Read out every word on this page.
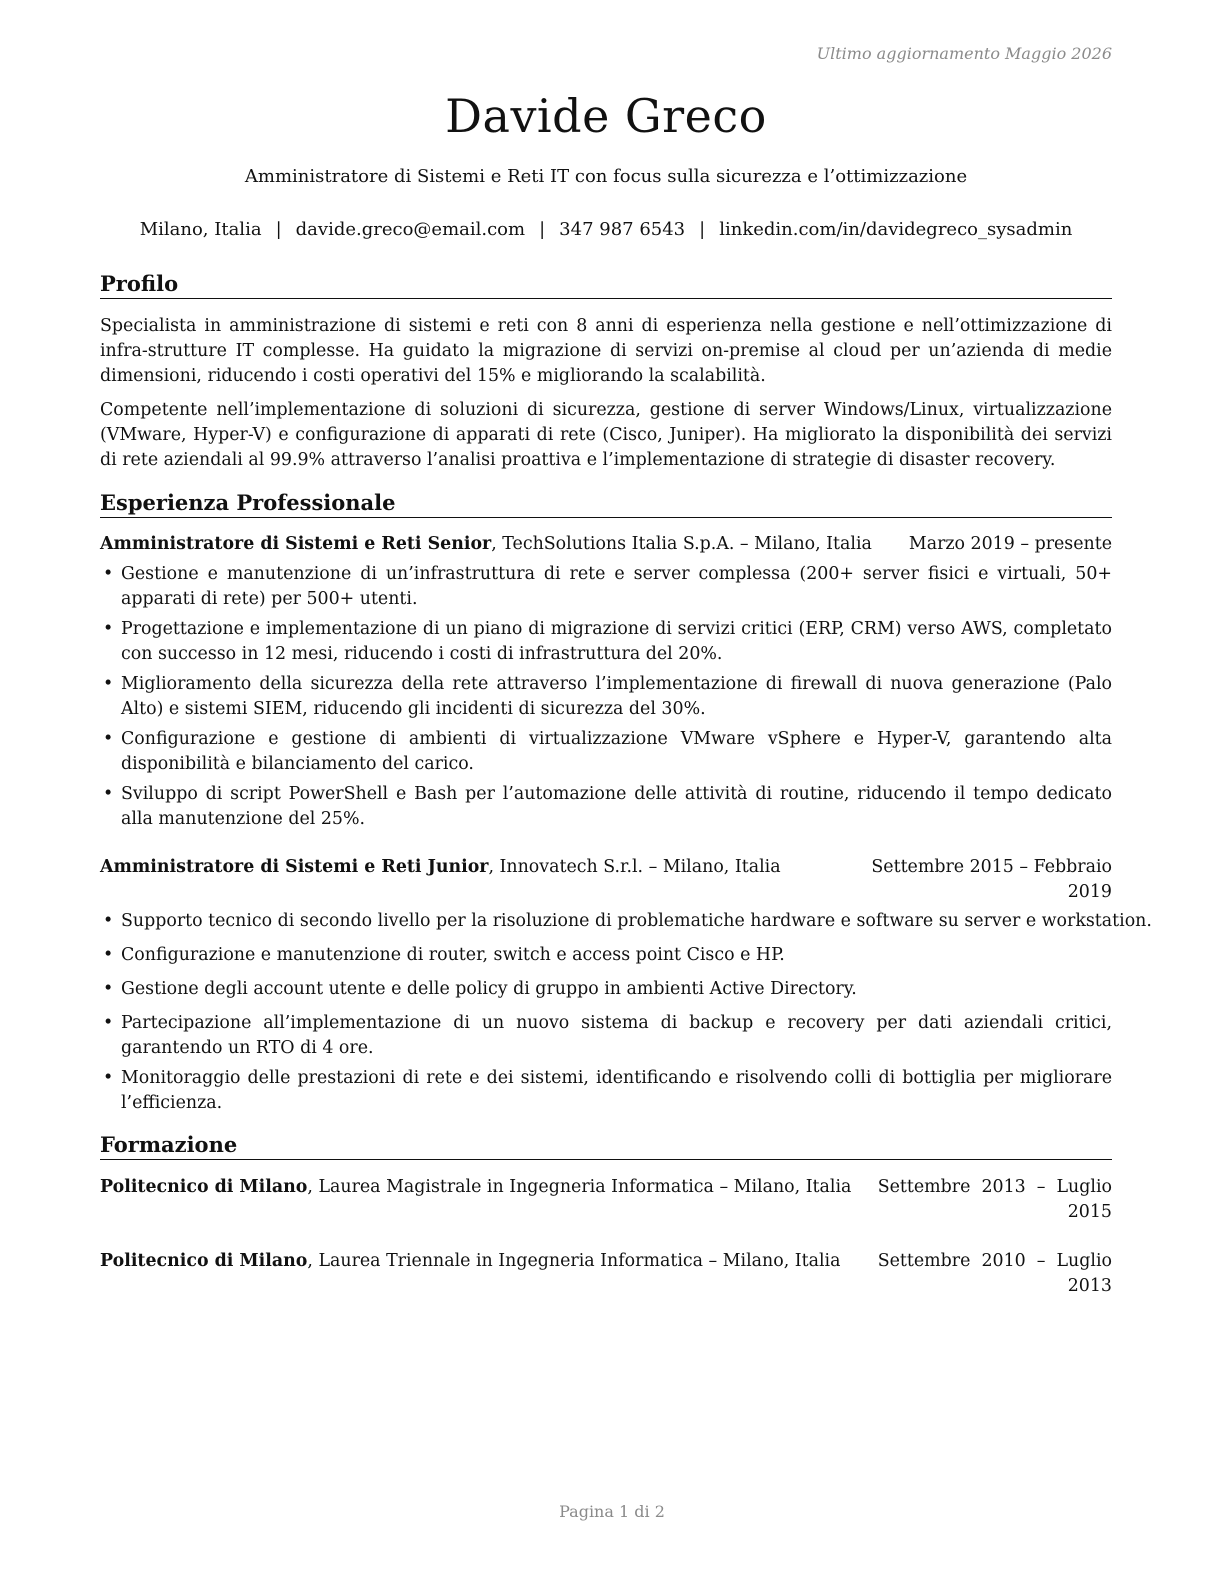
Ultimo aggiornamento Maggio 2026
Davide Greco
Amministratore di Sistemi e Reti IT con focus sulla sicurezza e l’ottimizzazione
Milano, Italia | davide.greco@email.com | 347 987 6543 | linkedin.com/in/davidegreco_sysadmin
Profilo

Specialista in amministrazione di sistemi e reti con 8 anni di esperienza nella gestione e nell’ottimizzazione di infra-strutture IT complesse. Ha guidato la migrazione di servizi on-premise al cloud per un’azienda di medie dimensioni, riducendo i costi operativi del 15% e migliorando la scalabilità.

Competente nell’implementazione di soluzioni di sicurezza, gestione di server Windows/Linux, virtualizzazione (VMware, Hyper-V) e configurazione di apparati di rete (Cisco, Juniper). Ha migliorato la disponibilità dei servizi di rete aziendali al 99.9% attraverso l’analisi proattiva e l’implementazione di strategie di disaster recovery.

Esperienza Professionale
Amministratore di Sistemi e Reti Senior, TechSolutions Italia S.p.A. – Milano, Italia Marzo 2019 – presente
• Gestione e manutenzione di un’infrastruttura di rete e server complessa (200+ server fisici e virtuali, 50+ apparati di rete) per 500+ utenti.
• Progettazione e implementazione di un piano di migrazione di servizi critici (ERP, CRM) verso AWS, completato con successo in 12 mesi, riducendo i costi di infrastruttura del 20%.
• Miglioramento della sicurezza della rete attraverso l’implementazione di firewall di nuova generazione (Palo Alto) e sistemi SIEM, riducendo gli incidenti di sicurezza del 30%.
• Configurazione e gestione di ambienti di virtualizzazione VMware vSphere e Hyper-V, garantendo alta disponibilità e bilanciamento del carico.
• Sviluppo di script PowerShell e Bash per l’automazione delle attività di routine, riducendo il tempo dedicato alla manutenzione del 25%.
Amministratore di Sistemi e Reti Junior, Innovatech S.r.l. – Milano, Italia	Settembre 2015 – Febbraio
2019
• Supporto tecnico di secondo livello per la risoluzione di problematiche hardware e software su server e workstation.
• Configurazione e manutenzione di router, switch e access point Cisco e HP.
• Gestione degli account utente e delle policy di gruppo in ambienti Active Directory.
• Partecipazione all’implementazione di un nuovo sistema di backup e recovery per dati aziendali critici, garantendo un RTO di 4 ore.
• Monitoraggio delle prestazioni di rete e dei sistemi, identificando e risolvendo colli di bottiglia per migliorare l’efficienza.
Formazione
Politecnico di Milano, Laurea Magistrale in Ingegneria Informatica – Milano, Italia Settembre  2013  –  Luglio
2015
Politecnico di Milano, Laurea Triennale in Ingegneria Informatica – Milano, Italia Settembre  2010  –  Luglio
2013
Pagina 1 di 2
